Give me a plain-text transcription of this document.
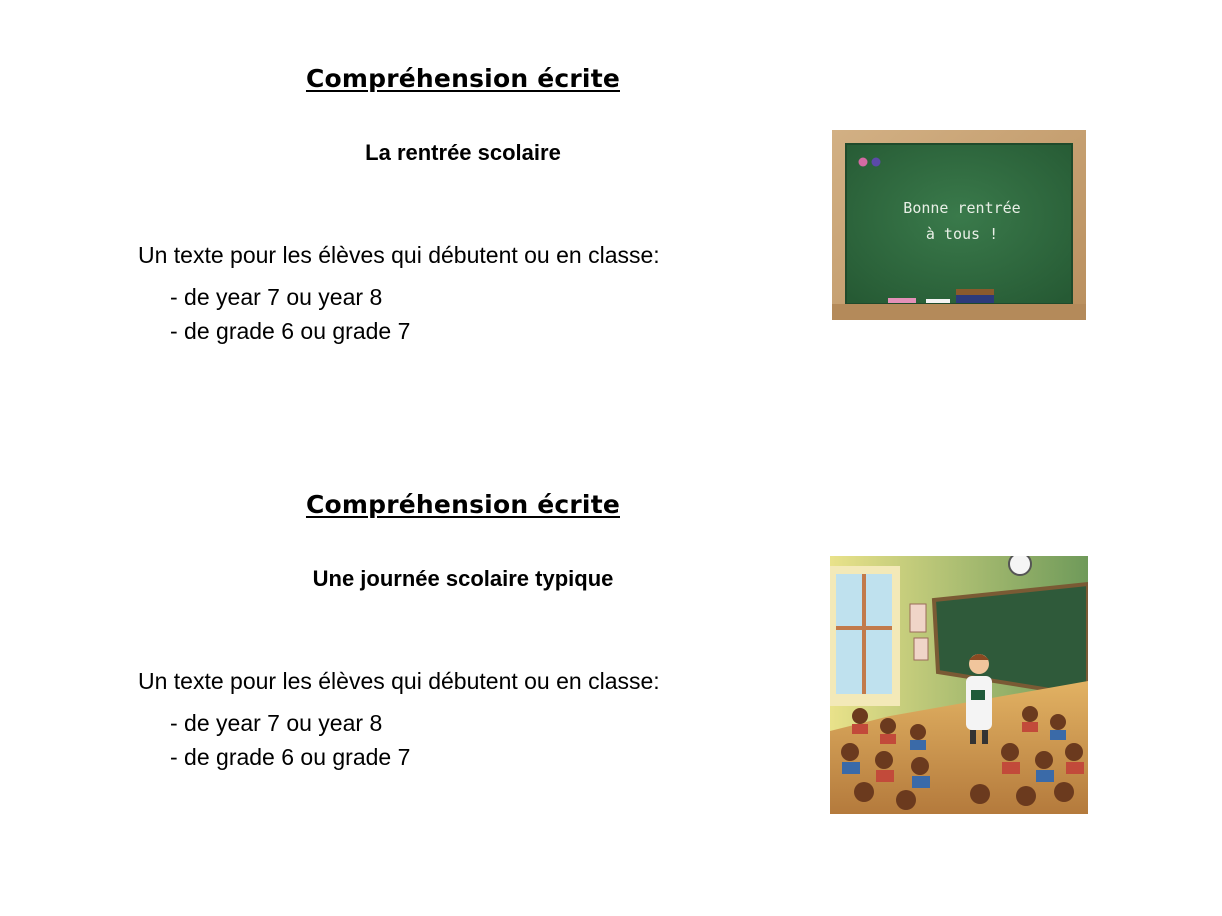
Compréhension écrite
La rentrée scolaire
Un texte pour les élèves qui débutent ou en classe:
- de year 7 ou year 8
- de grade 6 ou grade 7
Bonne rentrée
à tous !
Compréhension écrite
Une journée scolaire typique
Un texte pour les élèves qui débutent ou en classe:
- de year 7 ou year 8
- de grade 6 ou grade 7
